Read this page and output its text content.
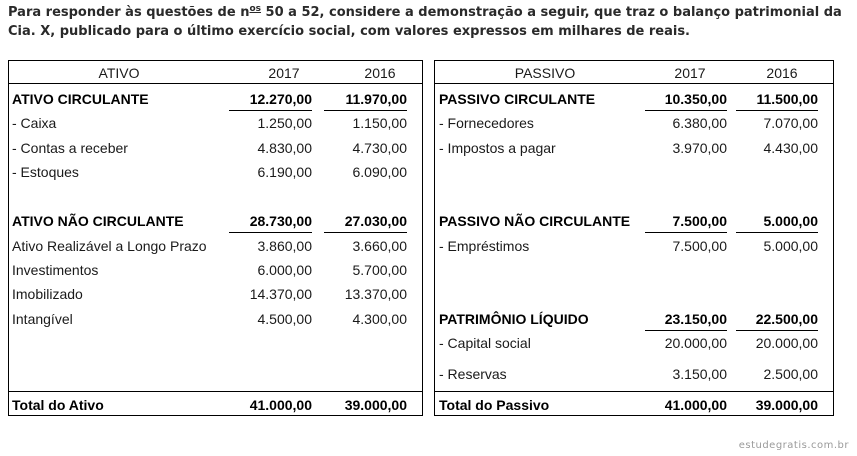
Para responder às questões de $n^{os}$ 50 a 52, considere a demonstração a seguir, que traz o balanço patrimonial da
Cia. X, publicado para o último exercício social, com valores expressos em milhares de reais.
ATIVO	2017	2016
ATIVO CIRCULANTE	12.270,00	11.970,00
- Caixa	1.250,00	1.150,00
- Contas a receber	4.830,00	4.730,00
- Estoques	6.190,00	6.090,00
ATIVO NÃO CIRCULANTE	28.730,00	27.030,00
Ativo Realizável a Longo Prazo	3.860,00	3.660,00
Investimentos	6.000,00	5.700,00
Imobilizado	14.370,00	13.370,00
Intangível	4.500,00	4.300,00
Total do Ativo	41.000,00	39.000,00
PASSIVO	2017	2016
PASSIVO CIRCULANTE	10.350,00	11.500,00
- Fornecedores	6.380,00	7.070,00
- Impostos a pagar	3.970,00	4.430,00
PASSIVO NÃO CIRCULANTE	7.500,00	5.000,00
- Empréstimos	7.500,00	5.000,00
PATRIMÔNIO LÍQUIDO	23.150,00	22.500,00
- Capital social	20.000,00	20.000,00
- Reservas	3.150,00	2.500,00
Total do Passivo	41.000,00	39.000,00
estudegratis.com.br
